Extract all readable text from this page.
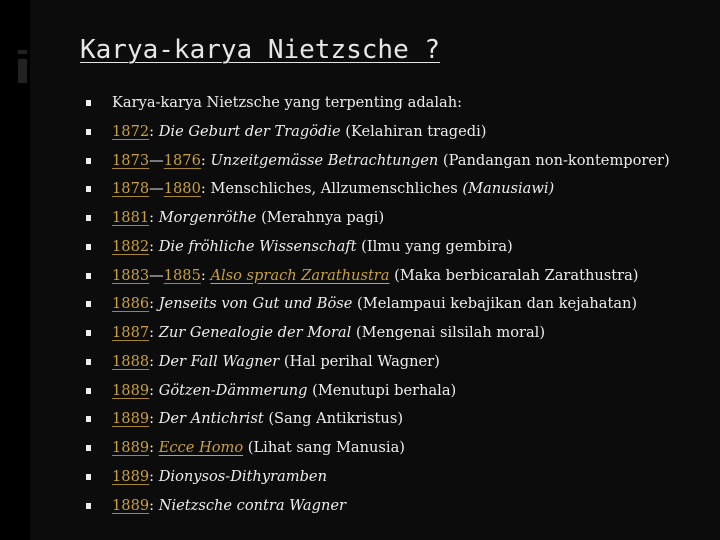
Karya-karya Nietzsche ?
Karya-karya Nietzsche yang terpenting adalah:
1872: Die Geburt der Tragödie (Kelahiran tragedi)
1873—1876: Unzeitgemässe Betrachtungen (Pandangan non-kontemporer)
1878—1880: Menschliches, Allzumenschliches (Manusiawi)
1881: Morgenröthe (Merahnya pagi)
1882: Die fröhliche Wissenschaft (Ilmu yang gembira)
1883—1885: Also sprach Zarathustra (Maka berbicaralah Zarathustra)
1886: Jenseits von Gut und Böse (Melampaui kebajikan dan kejahatan)
1887: Zur Genealogie der Moral (Mengenai silsilah moral)
1888: Der Fall Wagner (Hal perihal Wagner)
1889: Götzen-Dämmerung (Menutupi berhala)
1889: Der Antichrist (Sang Antikristus)
1889: Ecce Homo (Lihat sang Manusia)
1889: Dionysos-Dithyramben
1889: Nietzsche contra Wagner
